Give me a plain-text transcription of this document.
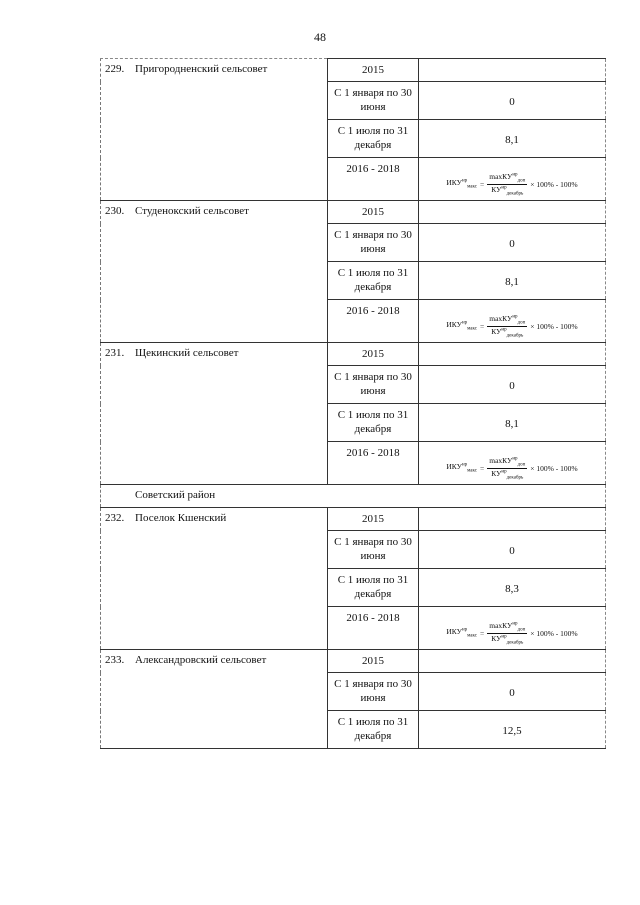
48
229. Пригородненский сельсовет	2015	
	С 1 января по 30 июня	0
	С 1 июля по 31 декабря	8,1
	2016 - 2018	$ИКУ^{нр}_{макс} = \frac{\max КУ^{нр}_{доп}}{КУ^{нр}_{декабрь}} \times 100\% - 100\%$

230. Студенокский сельсовет	2015	
	С 1 января по 30 июня	0
	С 1 июля по 31 декабря	8,1
	2016 - 2018	$ИКУ^{нр}_{макс} = \frac{\max КУ^{нр}_{доп}}{КУ^{нр}_{декабрь}} \times 100\% - 100\%$

231. Щекинский сельсовет	2015	
	С 1 января по 30 июня	0
	С 1 июля по 31 декабря	8,1
	2016 - 2018	$ИКУ^{нр}_{макс} = \frac{\max КУ^{нр}_{доп}}{КУ^{нр}_{декабрь}} \times 100\% - 100\%$

Советский район		
232. Поселок Кшенский	2015	
	С 1 января по 30 июня	0
	С 1 июля по 31 декабря	8,3
	2016 - 2018	$ИКУ^{нр}_{макс} = \frac{\max КУ^{нр}_{доп}}{КУ^{нр}_{декабрь}} \times 100\% - 100\%$

233. Александровский сельсовет	2015	
	С 1 января по 30 июня	0
	С 1 июля по 31 декабря	12,5
